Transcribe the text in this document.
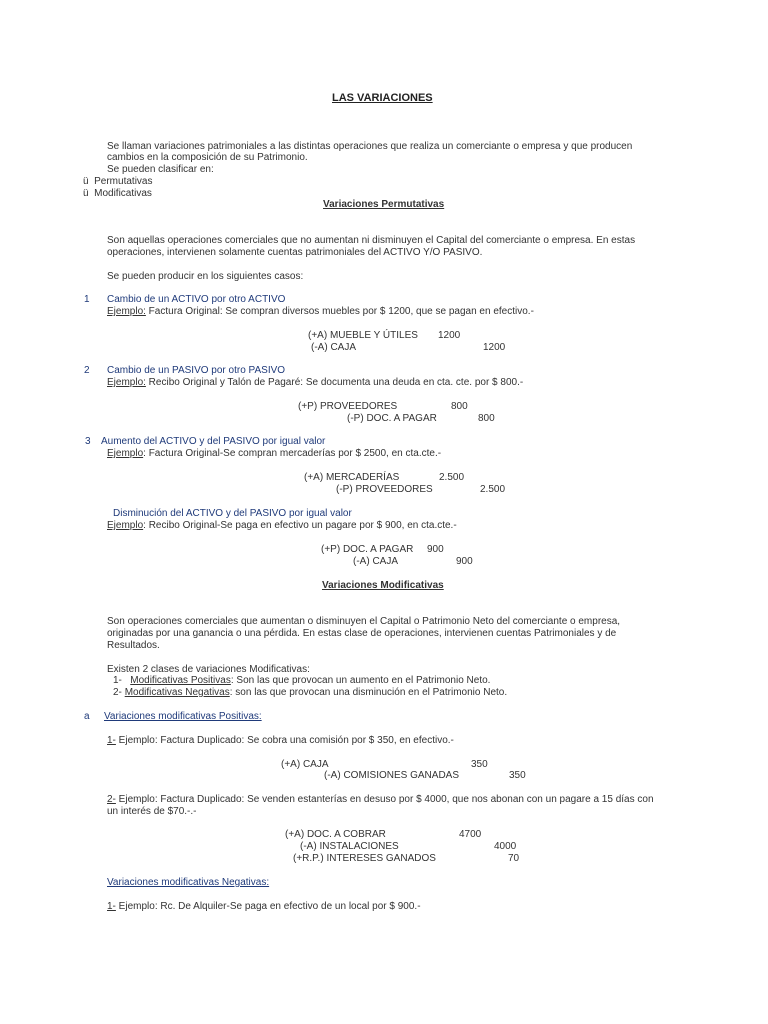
LAS VARIACIONES
Se llaman variaciones patrimoniales a las distintas operaciones que realiza un comerciante o empresa y que producen
cambios en la composición de su Patrimonio.
Se pueden clasificar en:
ü Permutativas
ü Modificativas
Variaciones Permutativas
Son aquellas operaciones comerciales que no aumentan ni disminuyen el Capital del comerciante o empresa. En estas
operaciones, intervienen solamente cuentas patrimoniales del ACTIVO Y/O PASIVO.
Se pueden producir en los siguientes casos:
1 Cambio de un ACTIVO por otro ACTIVO
Ejemplo: Factura Original: Se compran diversos muebles por $ 1200, que se pagan en efectivo.-
(+A) MUEBLE Y ÚTILES 1200
(-A) CAJA	1200
2 Cambio de un PASIVO por otro PASIVO
Ejemplo: Recibo Original y Talón de Pagaré: Se documenta una deuda en cta. cte. por $ 800.-
(+P) PROVEEDORES	800
(-P) DOC. A PAGAR	800
3 Aumento del ACTIVO y del PASIVO por igual valor
Ejemplo: Factura Original-Se compran mercaderías por $ 2500, en cta.cte.-
(+A) MERCADERÍAS	2.500
(-P) PROVEEDORES	2.500
Disminución del ACTIVO y del PASIVO por igual valor
Ejemplo: Recibo Original-Se paga en efectivo un pagare por $ 900, en cta.cte.-
(+P) DOC. A PAGAR 900
(-A) CAJA	900
Variaciones Modificativas
Son operaciones comerciales que aumentan o disminuyen el Capital o Patrimonio Neto del comerciante o empresa,
originadas por una ganancia o una pérdida. En estas clase de operaciones, intervienen cuentas Patrimoniales y de
Resultados.
Existen 2 clases de variaciones Modificativas:
1- Modificativas Positivas: Son las que provocan un aumento en el Patrimonio Neto.
2- Modificativas Negativas: son las que provocan una disminución en el Patrimonio Neto.
a Variaciones modificativas Positivas:
1- Ejemplo: Factura Duplicado: Se cobra una comisión por $ 350, en efectivo.-
(+A) CAJA	350
(-A) COMISIONES GANADAS	350
2- Ejemplo: Factura Duplicado: Se venden estanterías en desuso por $ 4000, que nos abonan con un pagare a 15 días con
un interés de $70.-.-
(+A) DOC. A COBRAR	4700
(-A) INSTALACIONES	4000
(+R.P.) INTERESES GANADOS	70
Variaciones modificativas Negativas:
1- Ejemplo: Rc. De Alquiler-Se paga en efectivo de un local por $ 900.-
